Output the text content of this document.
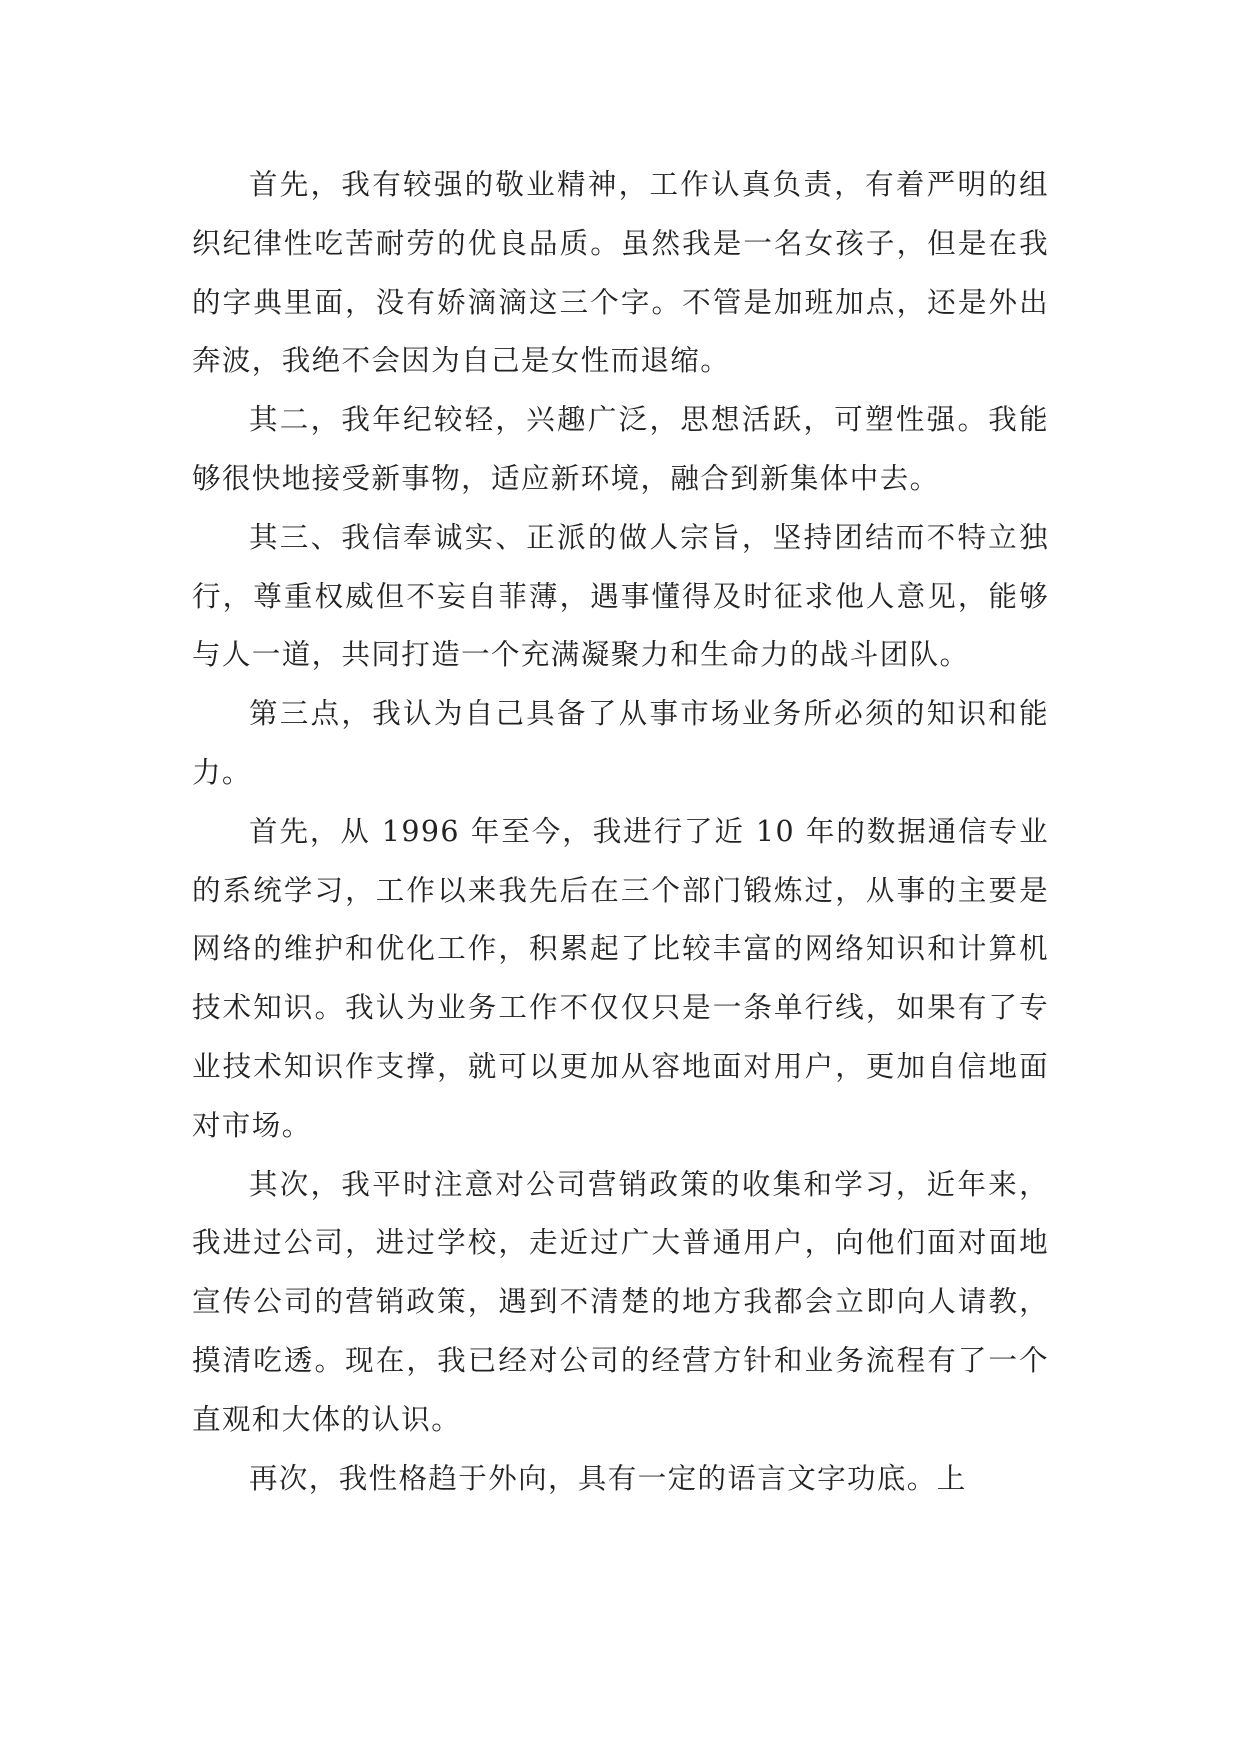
首先，我有较强的敬业精神，工作认真负责，有着严明的组织纪律性吃苦耐劳的优良品质。虽然我是一名女孩子，但是在我的字典里面，没有娇滴滴这三个字。不管是加班加点，还是外出奔波，我绝不会因为自己是女性而退缩。

其二，我年纪较轻，兴趣广泛，思想活跃，可塑性强。我能够很快地接受新事物，适应新环境，融合到新集体中去。

其三、我信奉诚实、正派的做人宗旨，坚持团结而不特立独行，尊重权威但不妄自菲薄，遇事懂得及时征求他人意见，能够与人一道，共同打造一个充满凝聚力和生命力的战斗团队。

第三点，我认为自己具备了从事市场业务所必须的知识和能力。

首先，从 1996 年至今，我进行了近 10 年的数据通信专业的系统学习，工作以来我先后在三个部门锻炼过，从事的主要是网络的维护和优化工作，积累起了比较丰富的网络知识和计算机技术知识。我认为业务工作不仅仅只是一条单行线，如果有了专业技术知识作支撑，就可以更加从容地面对用户，更加自信地面对市场。

其次，我平时注意对公司营销政策的收集和学习，近年来，我进过公司，进过学校，走近过广大普通用户，向他们面对面地宣传公司的营销政策，遇到不清楚的地方我都会立即向人请教，摸清吃透。现在，我已经对公司的经营方针和业务流程有了一个直观和大体的认识。

再次，我性格趋于外向，具有一定的语言文字功底。上
